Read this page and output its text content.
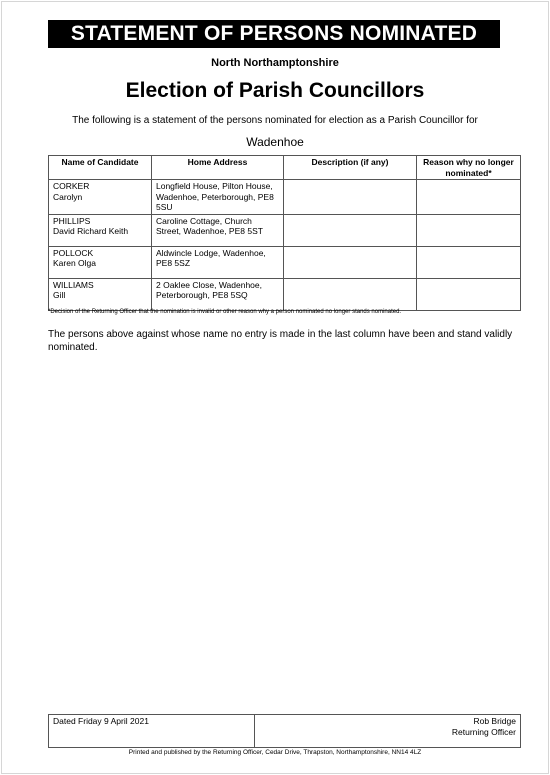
STATEMENT OF PERSONS NOMINATED
North Northamptonshire
Election of Parish Councillors
The following is a statement of the persons nominated for election as a Parish Councillor for
Wadenhoe
Name of Candidate	Home Address	Description (if any)	Reason why no longer nominated*

CORKER
Carolyn	Longfield House, Pilton House, Wadenhoe, Peterborough, PE8 5SU		

PHILLIPS
David Richard Keith	Caroline Cottage, Church Street, Wadenhoe, PE8 5ST		

POLLOCK
Karen Olga	Aldwincle Lodge, Wadenhoe, PE8 5SZ		

WILLIAMS
Gill	2 Oaklee Close, Wadenhoe, Peterborough, PE8 5SQ		
*Decision of the Returning Officer that the nomination is invalid or other reason why a person nominated no longer stands nominated.
The persons above against whose name no entry is made in the last column have been and stand validly nominated.
Dated Friday 9 April 2021	Rob Bridge
Returning Officer
Printed and published by the Returning Officer, Cedar Drive, Thrapston, Northamptonshire, NN14 4LZ
